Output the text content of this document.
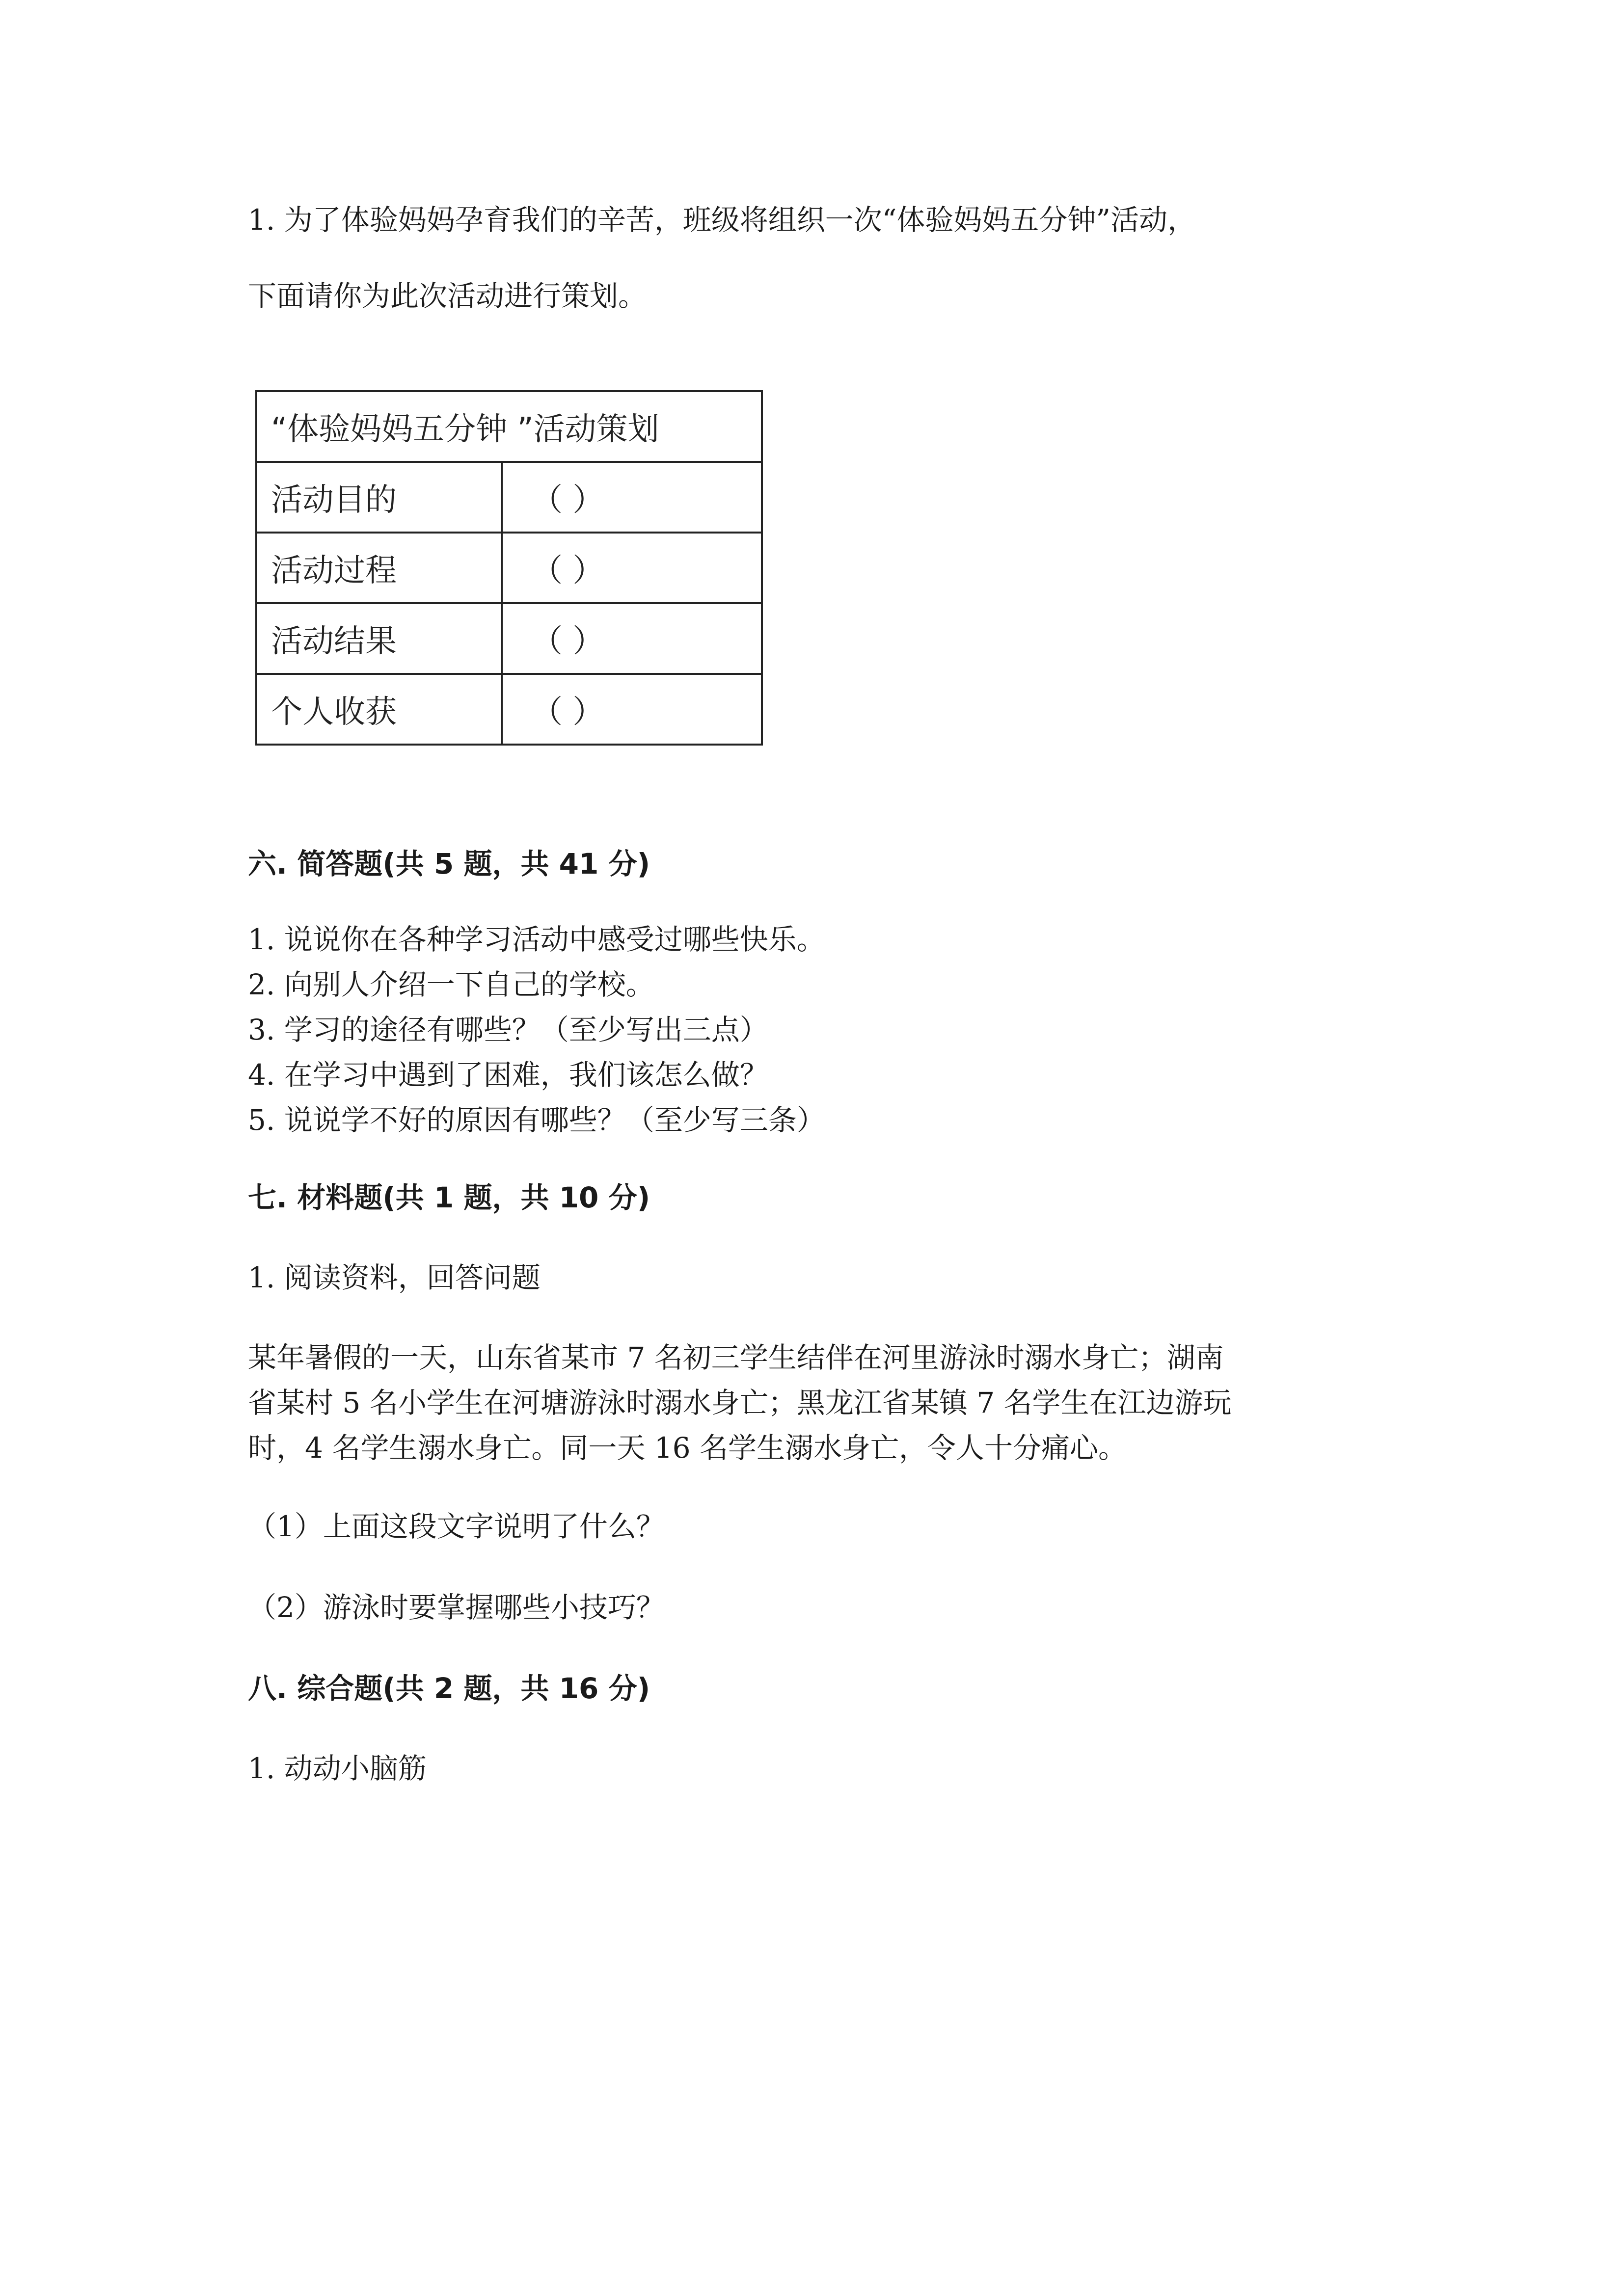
1. 为了体验妈妈孕育我们的辛苦，班级将组织一次“体验妈妈五分钟”活动，
下面请你为此次活动进行策划。
“体验妈妈五分钟 ”活动策划	
活动目的	（ ）
活动过程	（ ）
活动结果	（ ）
个人收获	（ ）
六. 简答题(共 5 题，共 41 分)
1. 说说你在各种学习活动中感受过哪些快乐。
2. 向别人介绍一下自己的学校。
3. 学习的途径有哪些？（至少写出三点）
4. 在学习中遇到了困难，我们该怎么做？
5. 说说学不好的原因有哪些？（至少写三条）
七. 材料题(共 1 题，共 10 分)
1. 阅读资料，回答问题
某年暑假的一天，山东省某市 7 名初三学生结伴在河里游泳时溺水身亡；湖南
省某村 5 名小学生在河塘游泳时溺水身亡；黑龙江省某镇 7 名学生在江边游玩
时，4 名学生溺水身亡。同一天 16 名学生溺水身亡，令人十分痛心。
（1）上面这段文字说明了什么？
（2）游泳时要掌握哪些小技巧？
八. 综合题(共 2 题，共 16 分)
1. 动动小脑筋
